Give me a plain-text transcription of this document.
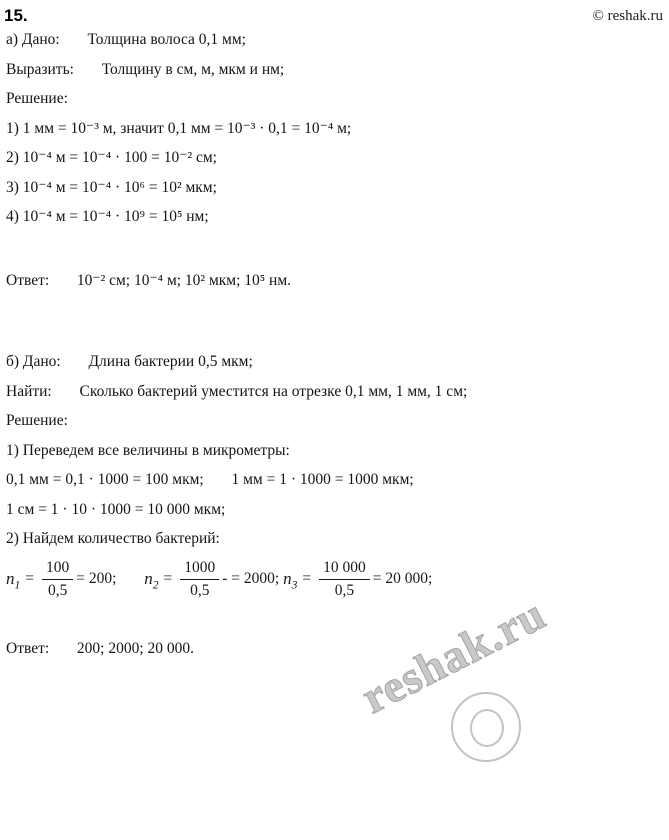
15.	© reshak.ru
а) Дано: Толщина волоса 0,1 мм;
Выразить: Толщину в см, м, мкм и нм;
Решение:
1) 1 мм = 10⁻³ м, значит 0,1 мм = 10⁻³ · 0,1 = 10⁻⁴ м;
2) 10⁻⁴ м = 10⁻⁴ · 100 = 10⁻² см;
3) 10⁻⁴ м = 10⁻⁴ · 10⁶ = 10² мкм;
4) 10⁻⁴ м = 10⁻⁴ · 10⁹ = 10⁵ нм;
Ответ: 10⁻² см; 10⁻⁴ м; 10² мкм; 10⁵ нм.
б) Дано: Длина бактерии 0,5 мкм;
Найти: Сколько бактерий уместится на отрезке 0,1 мм, 1 мм, 1 см;
Решение:
1) Переведем все величины в микрометры:
0,1 мм = 0,1 · 1000 = 100 мкм; 1 мм = 1 · 1000 = 1000 мкм;
1 см = 1 · 10 · 1000 = 10 000 мкм;
2) Найдем количество бактерий:
$n_1 = \frac{100}{0,5} = 200$; $n_2 = \frac{1000}{0,5}$ - = 2000; $n_3 = \frac{10 000}{0,5} = 20$ 000;
Ответ: 200; 2000; 20 000.	reshak.ru
